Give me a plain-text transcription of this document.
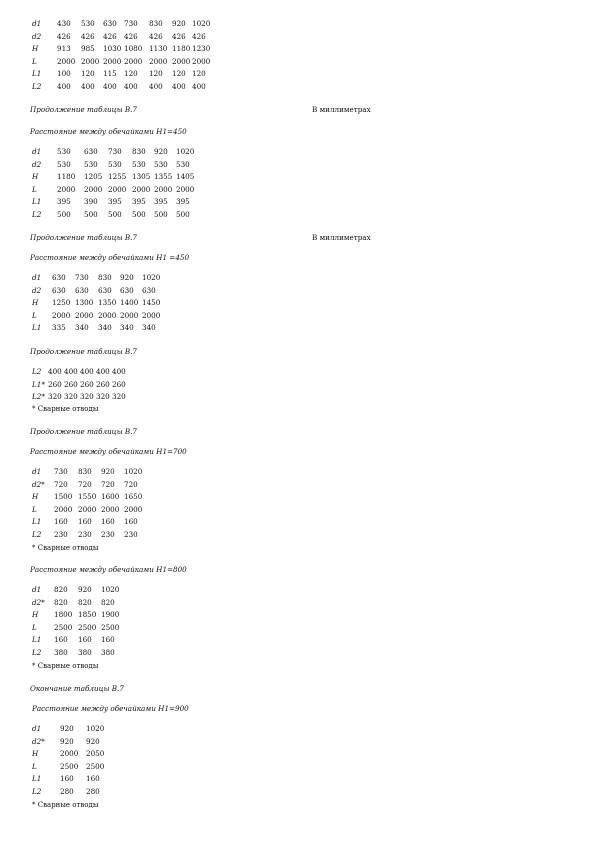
d1 430 530 630 730 830 920 1020
d2 426 426 426 426 426 426 426
H	913 985 1030 1080 1130 1180 1230
L	2000 2000 2000 2000 2000 2000 2000
L1 100 120 115 120 120 120 120
L2 400 400 400 400 400 400 400
Продолжение таблицы В.7	В миллиметрах
Расстояние между обечайками Н1=450
d1 530 630 730 830 920 1020
d2 530 530 530 530 530 530
H	1180 1205 1255 1305 1355 1405
L	2000 2000 2000 2000 2000 2000
L1 395 390 395 395 395 395
L2 500 500 500 500 500 500
Продолжение таблицы В.7	В миллиметрах
Расстояние между обечайками Н1 =450
d1 630 730 830 920 1020
d2 630 630 630 630 630
H 1250 1300 1350 1400 1450
L 2000 2000 2000 2000 2000
L1 335 340 340 340 340
Продолжение таблицы В.7
L2 400 400 400 400 400
L1* 260 260 260 260 260
L2* 320 320 320 320 320
* Сварные отводы
Продолжение таблицы В.7
Расстояние между обечайками Н1=700
d1 730 830 920 1020
d2* 720 720 720 720
H 1500 1550 1600 1650
L 2000 2000 2000 2000
L1 160 160 160 160
L2 230 230 230 230
* Сварные отводы
Расстояние между обечайками Н1=800
d1 820 920 1020
d2* 820 820 820
H 1800 1850 1900
L 2500 2500 2500
L1 160 160 160
L2 380 380 380
* Сварные отводы
Окончание таблицы В.7
Расстояние между обечайками Н1=900
d1	920 1020
d2* 920 920
H	2000 2050
L	2500 2500
L1	160 160
L2	280 280
* Сварные отводы
